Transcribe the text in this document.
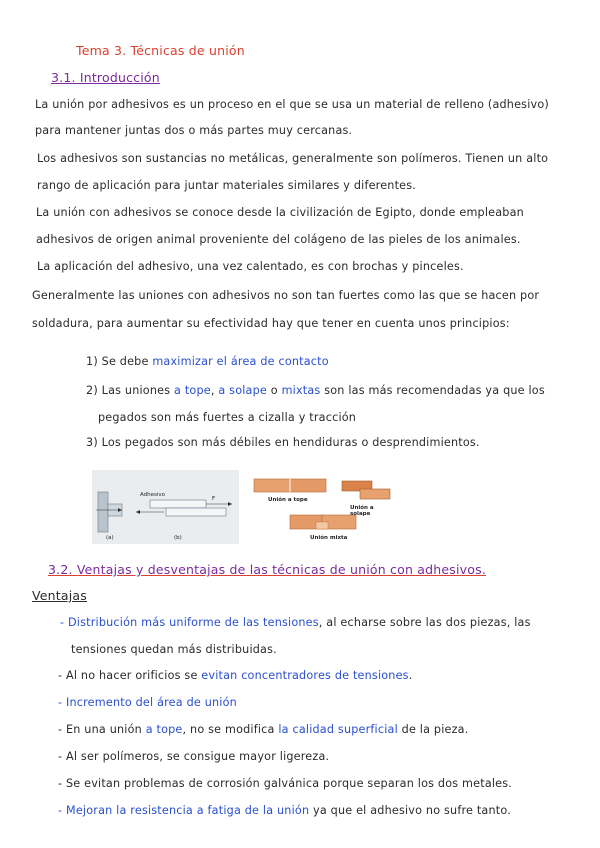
Tema 3. Técnicas de unión
3.1. Introducción
La unión por adhesivos es un proceso en el que se usa un material de relleno (adhesivo)
para mantener juntas dos o más partes muy cercanas.
Los adhesivos son sustancias no metálicas, generalmente son polímeros. Tienen un alto
rango de aplicación para juntar materiales similares y diferentes.
La unión con adhesivos se conoce desde la civilización de Egipto, donde empleaban
adhesivos de origen animal proveniente del colágeno de las pieles de los animales.
La aplicación del adhesivo, una vez calentado, es con brochas y pinceles.
Generalmente las uniones con adhesivos no son tan fuertes como las que se hacen por
soldadura, para aumentar su efectividad hay que tener en cuenta unos principios:
1) Se debe maximizar el área de contacto
2) Las uniones a tope, a solape o mixtas son las más recomendadas ya que los
pegados son más fuertes a cizalla y tracción
3) Los pegados son más débiles en hendiduras o desprendimientos.
Adhesivo
(a)	(b)
F	Unión a tope
Unión a solape
Unión mixta
3.2. Ventajas y desventajas de las técnicas de unión con adhesivos.
Ventajas
- Distribución más uniforme de las tensiones, al echarse sobre las dos piezas, las
tensiones quedan más distribuidas.
- Al no hacer orificios se evitan concentradores de tensiones.
- Incremento del área de unión
- En una unión a tope, no se modifica la calidad superficial de la pieza.
- Al ser polímeros, se consigue mayor ligereza.
- Se evitan problemas de corrosión galvánica porque separan los dos metales.
- Mejoran la resistencia a fatiga de la unión ya que el adhesivo no sufre tanto.
